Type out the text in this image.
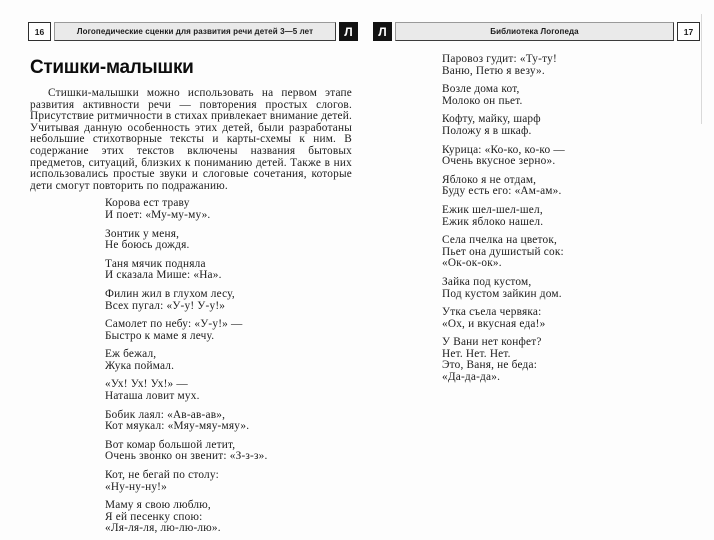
16	Логопедические сценки для развития речи детей 3—5 лет	Л
Стишки-малышки

Стишки-малышки можно использовать на первом этапе развития активности речи — повторения простых слогов. Присутствие ритмичности в стихах привлекает внимание детей. Учитывая данную особенность этих детей, были разработаны небольшие стихотворные тексты и карты-схемы к ним. В содержание этих текстов включены названия бытовых предметов, ситуаций, близких к пониманию детей. Также в них использовались простые звуки и слоговые сочетания, которые дети смогут повторить по подражанию.

Корова ест траву
И поет: «Му-му-му».
Зонтик у меня,
Не боюсь дождя.
Таня мячик подняла
И сказала Мише: «На».
Филин жил в глухом лесу,
Всех пугал: «У-у! У-у!»
Самолет по небу: «У-у!» —
Быстро к маме я лечу.
Еж бежал,
Жука поймал.
«Ух! Ух! Ух!» —
Наташа ловит мух.
Бобик лаял: «Ав-ав-ав»,
Кот мяукал: «Мяу-мяу-мяу».
Вот комар большой летит,
Очень звонко он звенит: «З-з-з».
Кот, не бегай по столу:
«Ну-ну-ну!»
Маму я свою люблю,
Я ей песенку спою:
«Ля-ля-ля, лю-лю-лю».
Л	Библиотека Логопеда	17
Паровоз гудит: «Ту-ту!
Ваню, Петю я везу».
Возле дома кот,
Молоко он пьет.
Кофту, майку, шарф
Положу я в шкаф.
Курица: «Ко-ко, ко-ко —
Очень вкусное зерно».
Яблоко я не отдам,
Буду есть его: «Ам-ам».
Ежик шел-шел-шел,
Ежик яблоко нашел.
Села пчелка на цветок,
Пьет она душистый сок:
«Ок-ок-ок».
Зайка под кустом,
Под кустом зайкин дом.
Утка съела червяка:
«Ох, и вкусная еда!»
У Вани нет конфет?
Нет. Нет. Нет.
Это, Ваня, не беда:
«Да-да-да».
